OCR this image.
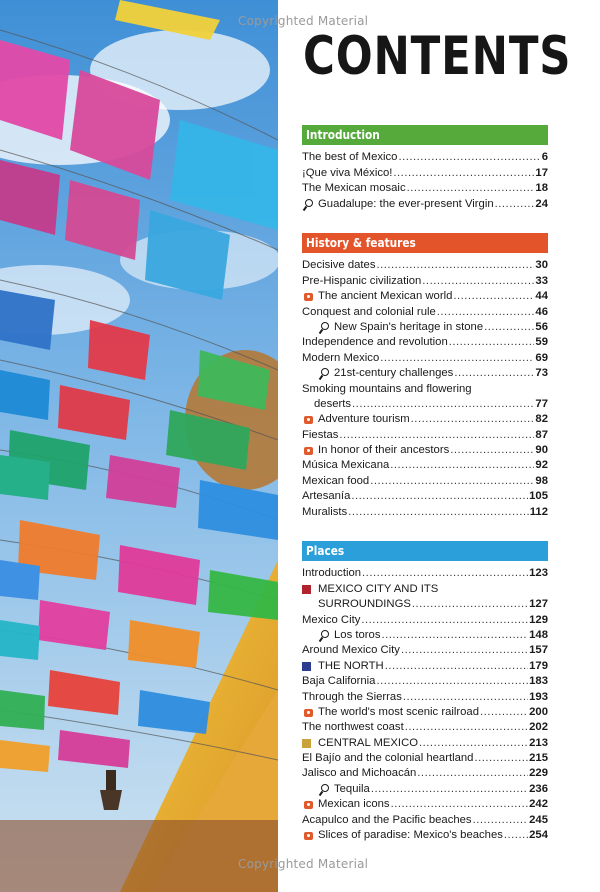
Copyrighted Material
Copyrighted Material
CONTENTS
Introduction
The best of Mexico .....	6
¡Que viva México! .....	17
The Mexican mosaic .....	18
Guadalupe: the ever-present Virgin .....	24
History & features
Decisive dates .....	30
Pre-Hispanic civilization .....	33
The ancient Mexican world .....	44
Conquest and colonial rule .....	46
New Spain's heritage in stone .....	56
Independence and revolution .....	59
Modern Mexico .....	69
21st-century challenges .....	73
Smoking mountains and flowering
deserts .....	77
Adventure tourism .....	82
Fiestas .....	87
In honor of their ancestors .....	90
Música Mexicana .....	92
Mexican food .....	98
Artesanía .....	105
Muralists .....	112
Places
Introduction .....	123
MEXICO CITY AND ITS
SURROUNDINGS .....	127
Mexico City .....	129
Los toros .....	148
Around Mexico City .....	157
THE NORTH .....	179
Baja California .....	183
Through the Sierras .....	193
The world's most scenic railroad .....	200
The northwest coast .....	202
CENTRAL MEXICO .....	213
El Bajío and the colonial heartland .....	215
Jalisco and Michoacán .....	229
Tequila .....	236
Mexican icons .....	242
Acapulco and the Pacific beaches .....	245
Slices of paradise: Mexico's beaches ..... 254
